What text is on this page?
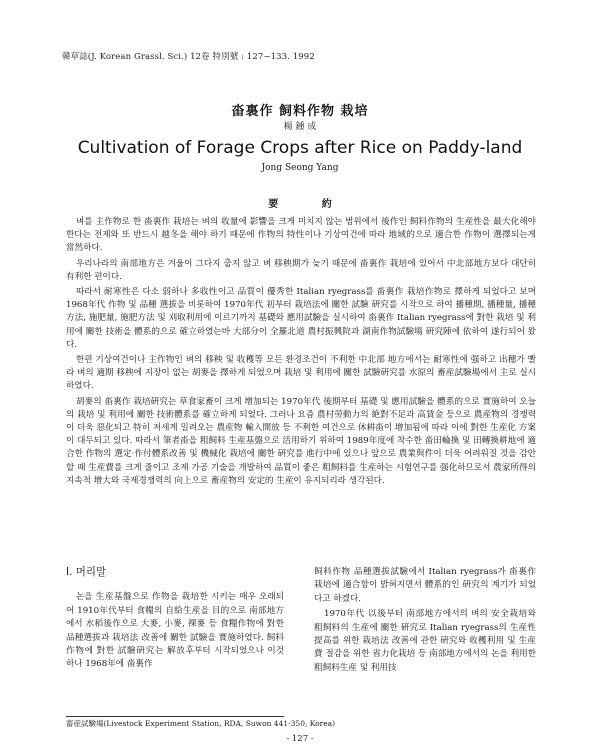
韓草誌(J. Korean Grassl. Sci.) 12卷 特別號 : 127~133. 1992
畓裏作 飼料作物 栽培
楊 鍾 成
Cultivation of Forage Crops after Rice on Paddy-land
Jong Seong Yang
要 約

벼를 主作物로 한 畓裏作 栽培는 벼의 收量에 影響을 크게 미치지 않는 범위에서 後作인 飼料作物의 生産性을 最大化해야 한다는 전제와 또 반드시 越冬을 해야 하기 때문에 作物의 特性이나 기상여건에 따라 地域的으로 適合한 作物이 選擇되는게 當然하다.

우리나라의 南部地方은 겨울이 그다지 춥지 않고 벼 移秧期가 늦기 때문에 畓裏作 栽培에 있어서 中北部地方보다 대단히 有利한 편이다.

따라서 耐寒性은 다소 弱하나 多收性이고 品質이 優秀한 Italian ryegrass를 畓裏作 栽培作物로 擇하게 되었다고 보며 1968年代 作物 및 品種 選拔을 비롯하여 1970年代 初부터 栽培法에 關한 試驗 硏究를 시작으로 하여 播種期, 播種量, 播種方法, 施肥量, 施肥方法 및 刈取利用에 이르기까지 基礎와 應用試驗을 실시하여 畓裏作 Italian ryegrass에 對한 栽培 및 利用에 關한 技術을 體系的으로 確立하였는바 大部分이 全羅北道 農村振興院과 湖南作物試驗場 硏究陣에 依하여 遂行되어 왔다.

한편 기상여건이나 主作物인 벼의 移秧 및 收穫等 모든 환경조건이 不利한 中北部 地方에서는 耐寒性에 强하고 出穗가 빨라 벼의 適期 移秧에 지장이 없는 胡麥을 擇하게 되었으며 栽培 및 利用에 關한 試驗硏究를 水原의 畜産試驗場에서 主로 실시하였다.

胡麥의 畓裏作 栽培硏究는 草食家畜이 크게 增加되는 1970年代 後期부터 基礎 및 應用試驗을 體系的으로 實施하여 오늘의 栽培 및 利用에 關한 技術體系를 確立하게 되었다. 그러나 요즘 農村勞動力의 絶對不足과 高賃金 등으로 農産物의 경쟁력이 더욱 惡化되고 特히 저세계 밀려오는 農産物 輸入開放 등 不利한 여건으로 休耕畓이 增加됨에 따라 이에 對한 生産化 方案이 대두되고 있다. 따라서 筆者畓을 粗飼料 生産基盤으로 活用하기 위하여 1989年度에 착수한 畓田輪換 및 田轉換耕地에 適合한 作物의 選定·作付體系改善 및 機械化 栽培에 關한 硏究를 進行中에 있으나 앞으로 農業與件이 더욱 어려워질 것을 감안할 때 生産費를 크게 줄이고 조제 가공 기술을 개발하여 品質이 좋은 粗飼料를 生産하는 시험연구를 强化하므로서 農家所得의 지속적 增大와 국제경쟁력의 向上으로 畜産物의 安定的 生産이 유지되리라 생각된다.

I. 머리말

논을 生産基盤으로 作物을 栽培한 시키는 매우 오래되어 1910年代부터 食糧의 自給生産을 目的으로 南部地方에서 水稻後作으로 大麥, 小麥, 裸麥 등 食糧作物에 對한 品種選拔과 栽培法 改善에 關한 試驗을 實施하였다. 飼料作物에 對한 試驗硏究는 解放후부터 시작되었으나 이것 하나 1968年에 畓裏作

飼料作物 品種選拔試驗에서 Italian ryegrass가 畓裏作 栽培에 適合함이 밝혀지면서 體系的인 硏究의 계기가 되었다고 하겠다.

1970年代 以後부터 南部地方에서의 벼의 安全栽培와 粗飼料의 生産에 關한 硏究로 Italian ryegrass의 生産性 提高를 위한 栽培法 改善에 관한 硏究와 收穫利用 및 生産費 절감을 위한 省力化栽培 등 南部地方에서의 논을 利用한 粗飼料生産 및 利用技

畜産試驗場(Livestock Experiment Station, RDA, Suwon 441-350, Korea)
- 127 -
